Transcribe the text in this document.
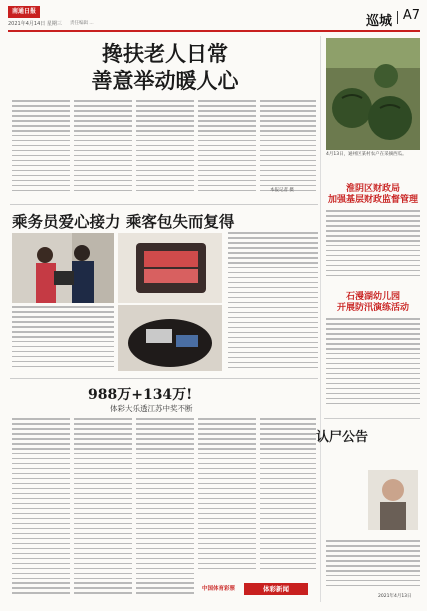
南通日报
2021年4月14日 星期三 责任编辑 ...	巡城 A7
搀扶老人日常
善意举动暖人心
本报记者 摄
乘务员爱心接力 乘客包失而复得
988万+134万!
体彩大乐透江苏中奖不断
中国体育彩票	体彩新闻
4月13日，通州区某村农户在采摘西瓜。
淮阴区财政局
加强基层财政监督管理
石漫湖幼儿园
开展防汛演练活动
认尸公告
2021年4月13日
